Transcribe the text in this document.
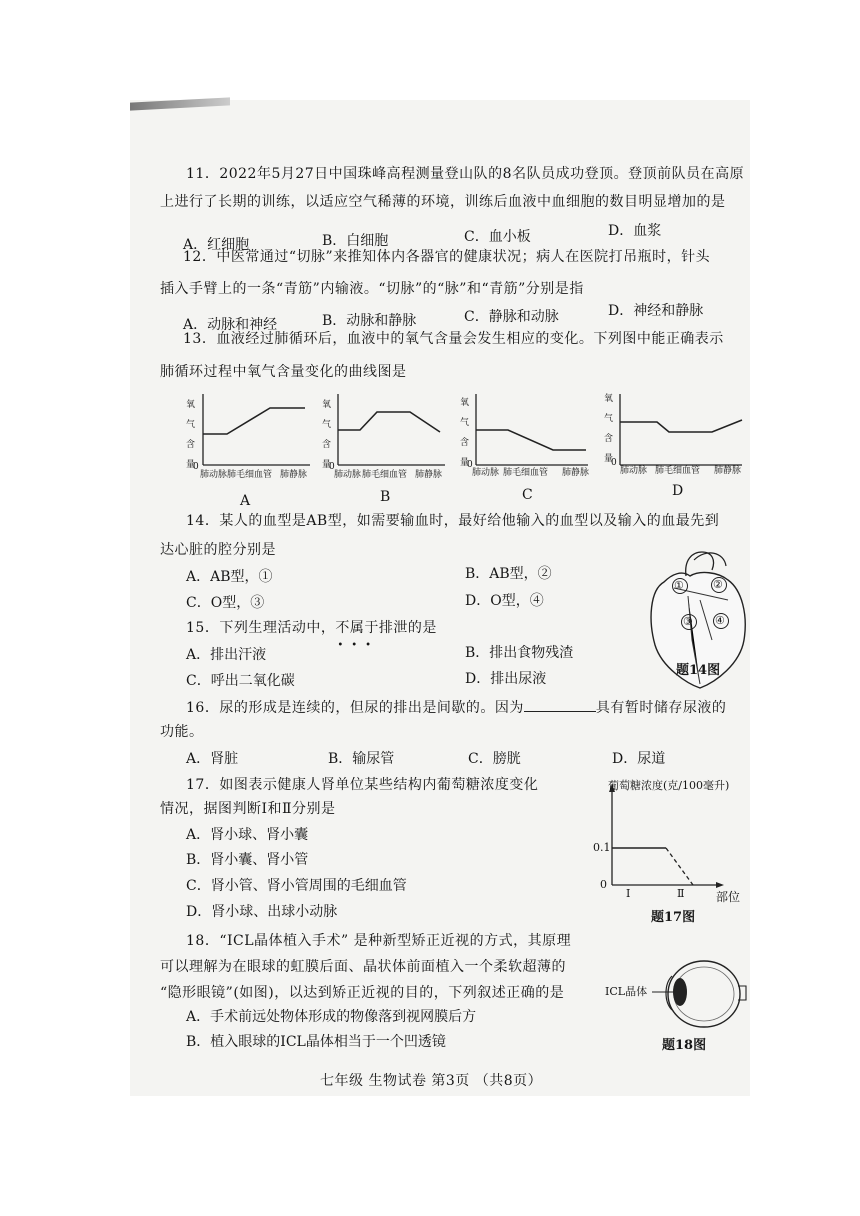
11．2022年5月27日中国珠峰高程测量登山队的8名队员成功登顶。登顶前队员在高原
上进行了长期的训练，以适应空气稀薄的环境，训练后血液中血细胞的数目明显增加的是
A．红细胞	B．白细胞	C．血小板	D．血浆
12．中医常通过“切脉”来推知体内各器官的健康状况；病人在医院打吊瓶时，针头
插入手臂上的一条“青筋”内输液。“切脉”的“脉”和“青筋”分别是指
A．动脉和神经	B．动脉和静脉	C．静脉和动脉	D．神经和静脉
13．血液经过肺循环后，血液中的氧气含量会发生相应的变化。下列图中能正确表示
肺循环过程中氧气含量变化的曲线图是
氧

气

含

量
0
肺动脉 肺毛细血管 肺静脉
氧

气

含

量
0
肺动脉 肺毛细血管 肺静脉
氧

气

含

量
0
肺动脉 肺毛细血管 肺静脉
氧

气

含

量
0
肺动脉 肺毛细血管 肺静脉
A	B	C	D
14．某人的血型是AB型，如需要输血时，最好给他输入的血型以及输入的血最先到
达心脏的腔分别是
A．AB型，①	B．AB型，②
C．O型，③	D．O型，④
①	②
③ ④
题14图
15．下列生理活动中，不属于
•••
排泄的是
A．排出汗液	B．排出食物残渣
C．呼出二氧化碳	D．排出尿液
16．尿的形成是连续的，但尿的排出是间歇的。因为	具有暂时储存尿液的
功能。
A．肾脏	B．输尿管	C．膀胱	D．尿道
17．如图表示健康人肾单位某些结构内葡萄糖浓度变化
情况，据图判断Ⅰ和Ⅱ分别是
A．肾小球、肾小囊
B．肾小囊、肾小管
C．肾小管、肾小管周围的毛细血管
D．肾小球、出球小动脉
葡萄糖浓度(克/100毫升)
0.1
0
Ⅰ	Ⅱ	部位
题17图
18．“ICL晶体植入手术” 是种新型矫正近视的方式，其原理
可以理解为在眼球的虹膜后面、晶状体前面植入一个柔软超薄的
“隐形眼镜”(如图)，以达到矫正近视的目的，下列叙述正确的是
A．手术前远处物体形成的物像落到视网膜后方
B．植入眼球的ICL晶体相当于一个凹透镜
ICL晶体
题18图
七年级 生物试卷 第3页 （共8页）
